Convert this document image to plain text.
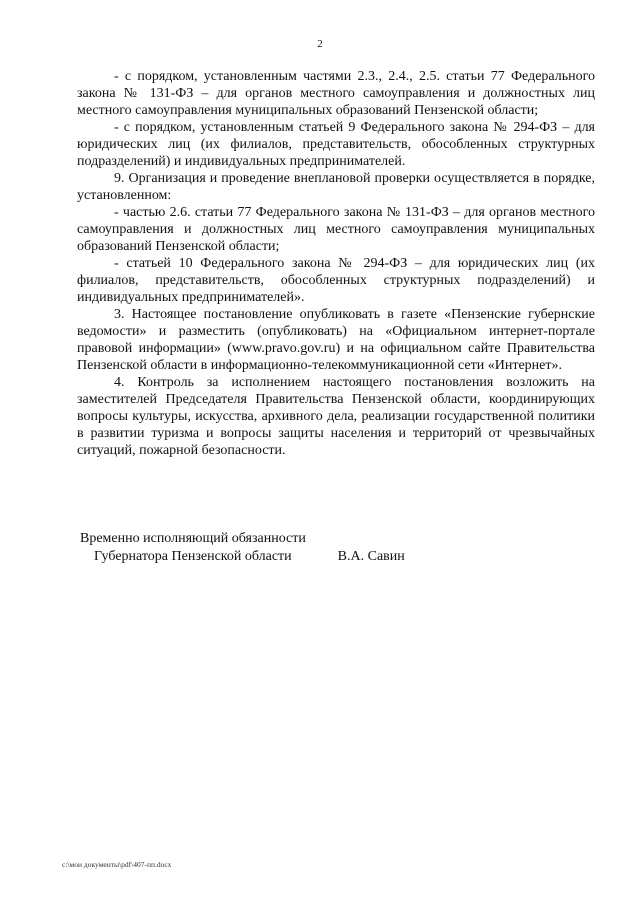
2

- с порядком, установленным частями 2.3., 2.4., 2.5. статьи 77 Федерального закона № 131-ФЗ – для органов местного самоуправления и должностных лиц местного самоуправления муниципальных образований Пензенской области;

- с порядком, установленным статьей 9 Федерального закона № 294-ФЗ – для юридических лиц (их филиалов, представительств, обособленных структурных подразделений) и индивидуальных предпринимателей.

9. Организация и проведение внеплановой проверки осуществляется в порядке, установленном:

- частью 2.6. статьи 77 Федерального закона № 131-ФЗ – для органов местного самоуправления и должностных лиц местного самоуправления муниципальных образований Пензенской области;

- статьей 10 Федерального закона № 294-ФЗ – для юридических лиц (их филиалов, представительств, обособленных структурных подразделений) и индивидуальных предпринимателей».

3. Настоящее постановление опубликовать в газете «Пензенские губернские ведомости» и разместить (опубликовать) на «Официальном интернет-портале правовой информации» (www.pravo.gov.ru) и на официальном сайте Правительства Пензенской области в информационно-телекоммуникационной сети «Интернет».

4. Контроль за исполнением настоящего постановления возложить на заместителей Председателя Правительства Пензенской области, координирующих вопросы культуры, искусства, архивного дела, реализации государственной политики в развитии туризма и вопросы защиты населения и территорий от чрезвычайных ситуаций, пожарной безопасности.

Временно исполняющий обязанности
Губернатора Пензенской области	В.А. Савин
c:\мои документы\pdf\407-пп.docx
